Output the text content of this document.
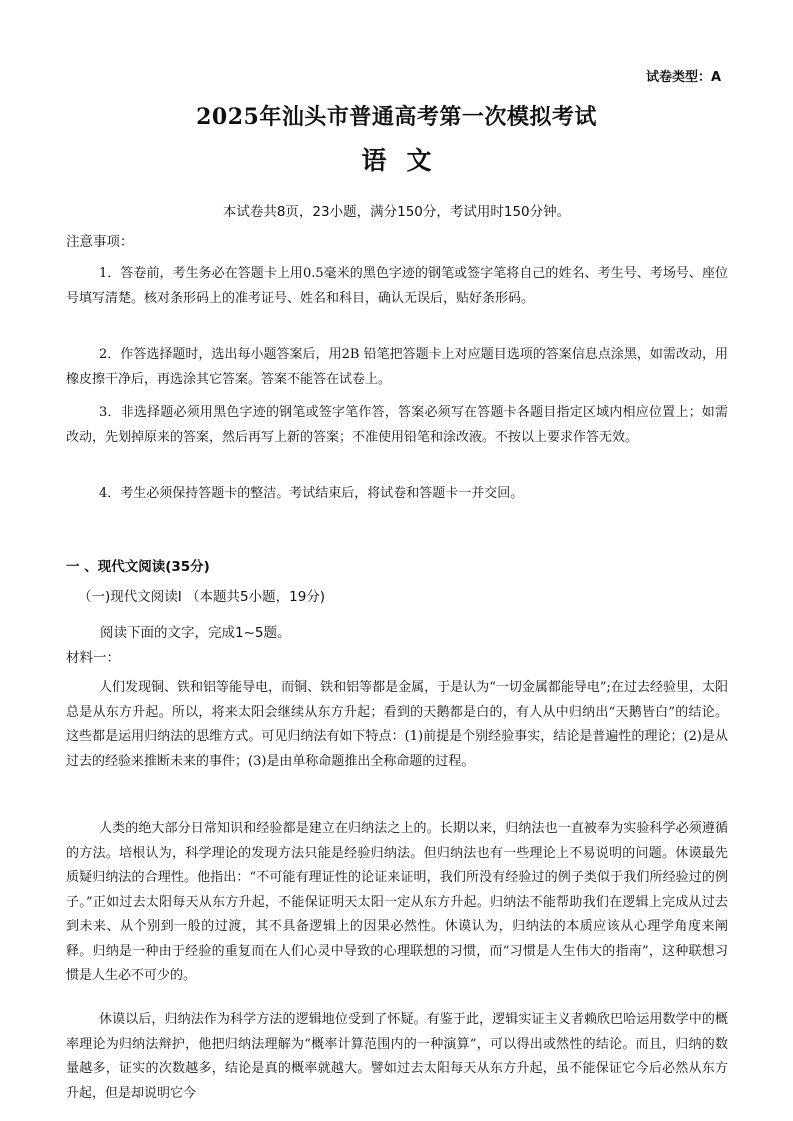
试卷类型：A
2025年汕头市普通高考第一次模拟考试
语文
本试卷共8页，23小题，满分150分，考试用时150分钟。
注意事项：

1．答卷前，考生务必在答题卡上用0.5毫米的黑色字迹的钢笔或签字笔将自己的姓名、考生号、考场号、座位号填写清楚。核对条形码上的准考证号、姓名和科目，确认无误后，贴好条形码。

2．作答选择题时，选出每小题答案后，用2B 铅笔把答题卡上对应题目选项的答案信息点涂黑，如需改动，用橡皮擦干净后，再选涂其它答案。答案不能答在试卷上。

3．非选择题必须用黑色字迹的钢笔或签字笔作答，答案必须写在答题卡各题目指定区域内相应位置上；如需改动，先划掉原来的答案，然后再写上新的答案；不准使用铅笔和涂改液。不按以上要求作答无效。

4．考生必须保持答题卡的整洁。考试结束后，将试卷和答题卡一并交回。

一 、现代文阅读(35分)
（一)现代文阅读I （本题共5小题，19分)
阅读下面的文字，完成1~5题。
材料一：

人们发现铜、铁和铝等能导电，而铜、铁和铝等都是金属，于是认为“一切金属都能导电”;在过去经验里，太阳总是从东方升起。所以，将来太阳会继续从东方升起；看到的天鹅都是白的，有人从中归纳出“天鹅皆白”的结论。这些都是运用归纳法的思维方式。可见归纳法有如下特点：(1)前提是个别经验事实，结论是普遍性的理论；(2)是从过去的经验来推断未来的事件；(3)是由单称命题推出全称命题的过程。

人类的绝大部分日常知识和经验都是建立在归纳法之上的。长期以来，归纳法也一直被奉为实验科学必须遵循的方法。培根认为，科学理论的发现方法只能是经验归纳法。但归纳法也有一些理论上不易说明的问题。休谟最先质疑归纳法的合理性。他指出：“不可能有理证性的论证来证明，我们所没有经验过的例子类似于我们所经验过的例子。”正如过去太阳每天从东方升起，不能保证明天太阳一定从东方升起。归纳法不能帮助我们在逻辑上完成从过去到未来、从个别到一般的过渡，其不具备逻辑上的因果必然性。休谟认为，归纳法的本质应该从心理学角度来阐释。归纳是一种由于经验的重复而在人们心灵中导致的心理联想的习惯，而“习惯是人生伟大的指南”，这种联想习惯是人生必不可少的。

休谟以后，归纳法作为科学方法的逻辑地位受到了怀疑。有鉴于此，逻辑实证主义者赖欣巴哈运用数学中的概率理论为归纳法辩护，他把归纳法理解为“概率计算范围内的一种演算”，可以得出或然性的结论。而且，归纳的数量越多，证实的次数越多，结论是真的概率就越大。譬如过去太阳每天从东方升起，虽不能保证它今后必然从东方升起，但是却说明它今
